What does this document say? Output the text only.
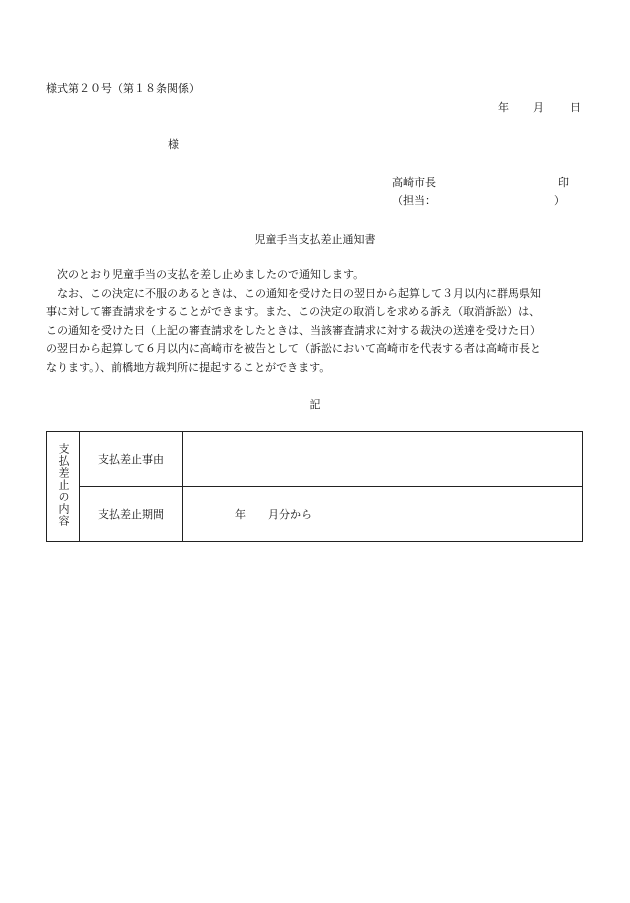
様式第２０号（第１８条関係）
年 月 日
様
高崎市長	印
（担当：	）
児童手当支払差止通知書
次のとおり児童手当の支払を差し止めましたので通知します。
なお、この決定に不服のあるときは、この通知を受けた日の翌日から起算して３月以内に群馬県知
事に対して審査請求をすることができます。また、この決定の取消しを求める訴え（取消訴訟）は、
この通知を受けた日（上記の審査請求をしたときは、当該審査請求に対する裁決の送達を受けた日）
の翌日から起算して６月以内に高崎市を被告として（訴訟において高崎市を代表する者は高崎市長と
なります。）、前橋地方裁判所に提起することができます。
記
支払差止の内容	支払差止事由	
	支払差止期間	年 月分から
